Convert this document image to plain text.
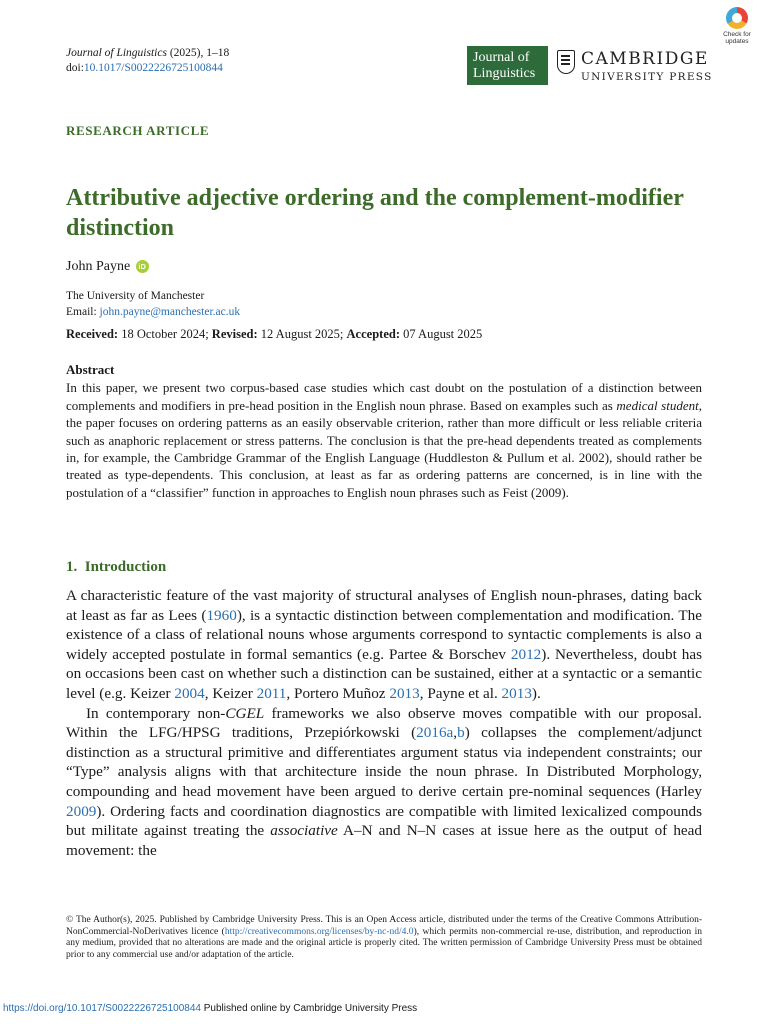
Journal of Linguistics (2025), 1–18
doi:10.1017/S0022226725100844
Check for
updates
Journal of
Linguistics
CAMBRIDGE
UNIVERSITY PRESS
RESEARCH ARTICLE
Attributive adjective ordering and the complement-modifier distinction
John Payne iD
The University of Manchester
Email: john.payne@manchester.ac.uk
Received: 18 October 2024; Revised: 12 August 2025; Accepted: 07 August 2025
Abstract
In this paper, we present two corpus-based case studies which cast doubt on the postulation of a distinction between complements and modifiers in pre-head position in the English noun phrase. Based on examples such as medical student, the paper focuses on ordering patterns as an easily observable criterion, rather than more difficult or less reliable criteria such as anaphoric replacement or stress patterns. The conclusion is that the pre-head dependents treated as complements in, for example, the Cambridge Grammar of the English Language (Huddleston & Pullum et al. 2002), should rather be treated as type-dependents. This conclusion, at least as far as ordering patterns are concerned, is in line with the postulation of a “classifier” function in approaches to English noun phrases such as Feist (2009).
1. Introduction

A characteristic feature of the vast majority of structural analyses of English noun-phrases, dating back at least as far as Lees (1960), is a syntactic distinction between complementation and modification. The existence of a class of relational nouns whose arguments correspond to syntactic complements is also a widely accepted postulate in formal semantics (e.g. Partee & Borschev 2012). Nevertheless, doubt has on occasions been cast on whether such a distinction can be sustained, either at a syntactic or a semantic level (e.g. Keizer 2004, Keizer 2011, Portero Muñoz 2013, Payne et al. 2013).

In contemporary non-CGEL frameworks we also observe moves compatible with our proposal. Within the LFG/HPSG traditions, Przepiórkowski (2016a,b) collapses the complement/adjunct distinction as a structural primitive and differentiates argument status via independent constraints; our “Type” analysis aligns with that architecture inside the noun phrase. In Distributed Morphology, compounding and head movement have been argued to derive certain pre-nominal sequences (Harley 2009). Ordering facts and coordination diagnostics are compatible with limited lexicalized compounds but militate against treating the associative A–N and N–N cases at issue here as the output of head movement: the

© The Author(s), 2025. Published by Cambridge University Press. This is an Open Access article, distributed under the terms of the Creative Commons Attribution-NonCommercial-NoDerivatives licence (http://creativecommons.org/licenses/by-nc-nd/4.0), which permits non-commercial re-use, distribution, and reproduction in any medium, provided that no alterations are made and the original article is properly cited. The written permission of Cambridge University Press must be obtained prior to any commercial use and/or adaptation of the article.
https://doi.org/10.1017/S0022226725100844 Published online by Cambridge University Press
